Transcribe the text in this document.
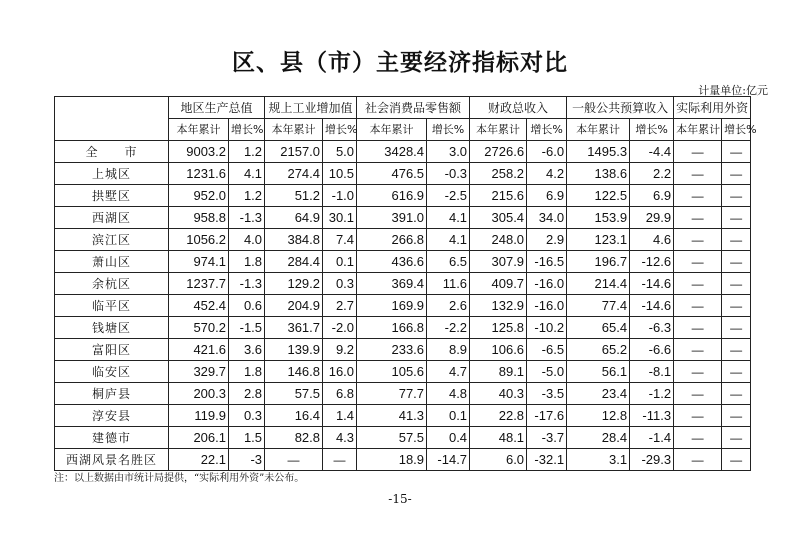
区、县（市）主要经济指标对比
计量单位:亿元
	地区生产总值		规上工业增加值		社会消费品零售额		财政总收入		一般公共预算收入		实际利用外资	
	本年累计	增长%	本年累计	增长%	本年累计	增长%	本年累计	增长%	本年累计	增长%	本年累计	增长%
全　　市	9003.2	1.2	2157.0	5.0	3428.4	3.0	2726.6	-6.0	1495.3	-4.4	—	—
上城区	1231.6	4.1	274.4	10.5	476.5	-0.3	258.2	4.2	138.6	2.2	—	—
拱墅区	952.0	1.2	51.2	-1.0	616.9	-2.5	215.6	6.9	122.5	6.9	—	—
西湖区	958.8	-1.3	64.9	30.1	391.0	4.1	305.4	34.0	153.9	29.9	—	—
滨江区	1056.2	4.0	384.8	7.4	266.8	4.1	248.0	2.9	123.1	4.6	—	—
萧山区	974.1	1.8	284.4	0.1	436.6	6.5	307.9	-16.5	196.7	-12.6	—	—
余杭区	1237.7	-1.3	129.2	0.3	369.4	11.6	409.7	-16.0	214.4	-14.6	—	—
临平区	452.4	0.6	204.9	2.7	169.9	2.6	132.9	-16.0	77.4	-14.6	—	—
钱塘区	570.2	-1.5	361.7	-2.0	166.8	-2.2	125.8	-10.2	65.4	-6.3	—	—
富阳区	421.6	3.6	139.9	9.2	233.6	8.9	106.6	-6.5	65.2	-6.6	—	—
临安区	329.7	1.8	146.8	16.0	105.6	4.7	89.1	-5.0	56.1	-8.1	—	—
桐庐县	200.3	2.8	57.5	6.8	77.7	4.8	40.3	-3.5	23.4	-1.2	—	—
淳安县	119.9	0.3	16.4	1.4	41.3	0.1	22.8	-17.6	12.8	-11.3	—	—
建德市	206.1	1.5	82.8	4.3	57.5	0.4	48.1	-3.7	28.4	-1.4	—	—
西湖风景名胜区	22.1	-3	—	—	18.9	-14.7	6.0	-32.1	3.1	-29.3	—	—
注：以上数据由市统计局提供，“实际利用外资”未公布。
-15-
